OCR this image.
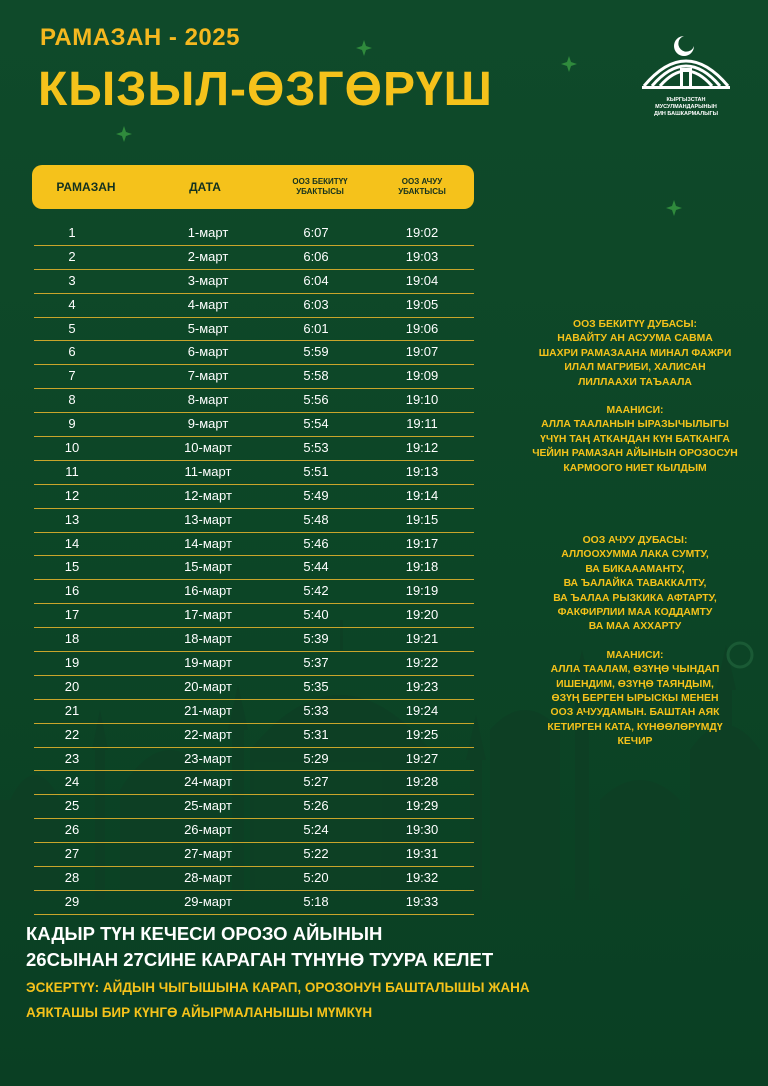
РАМАЗАН - 2025
КЫЗЫЛ-ӨЗГӨРҮШ	КЫРГЫЗСТАН МУСУЛМАНДАРЫНЫН
ДИН БАШКАРМАЛЫГЫ
РАМАЗАН	ДАТА	ООЗ БЕКИТҮҮ
УБАКТЫСЫ
ООЗ АЧУУ
УБАКТЫСЫ
1	1-март	6:07	19:02
2	2-март	6:06	19:03
3	3-март	6:04	19:04
4	4-март	6:03	19:05
5	5-март	6:01	19:06
6	6-март	5:59	19:07
7	7-март	5:58	19:09
8	8-март	5:56	19:10
9	9-март	5:54	19:11
10	10-март	5:53	19:12
11	11-март	5:51	19:13
12	12-март	5:49	19:14
13	13-март	5:48	19:15
14	14-март	5:46	19:17
15	15-март	5:44	19:18
16	16-март	5:42	19:19
17	17-март	5:40	19:20
18	18-март	5:39	19:21
19	19-март	5:37	19:22
20	20-март	5:35	19:23
21	21-март	5:33	19:24
22	22-март	5:31	19:25
23	23-март	5:29	19:27
24	24-март	5:27	19:28
25	25-март	5:26	19:29
26	26-март	5:24	19:30
27	27-март	5:22	19:31
28	28-март	5:20	19:32
29	29-март	5:18	19:33

ООЗ БЕКИТҮҮ ДУБАСЫ:

НАВАЙТУ АН АСУУМА САВМА

ШАХРИ РАМАЗААНА МИНАЛ ФАЖРИ

ИЛАЛ МАГРИБИ, ХАЛИСАН

ЛИЛЛААХИ ТАЪААЛА

МААНИСИ:

АЛЛА ТААЛАНЫН ЫРАЗЫЧЫЛЫГЫ

ҮЧҮН ТАҢ АТКАНДАН КҮН БАТКАНГА

ЧЕЙИН РАМАЗАН АЙЫНЫН ОРОЗОСУН

КАРМООГО НИЕТ КЫЛДЫМ

ООЗ АЧУУ ДУБАСЫ:

АЛЛООХУММА ЛАКА СУМТУ,

ВА БИКАААМАНТУ,

ВА ЪАЛАЙКА ТАВАККАЛТУ,

ВА ЪАЛАА РЫЗКИКА АФТАРТУ,

ФАКФИРЛИИ МАА КОДДАМТУ

ВА МАА АХХАРТУ

МААНИСИ:

АЛЛА ТААЛАМ, ӨЗҮҢӨ ЧЫНДАП

ИШЕНДИМ, ӨЗҮҢӨ ТАЯНДЫМ,

ӨЗҮҢ БЕРГЕН ЫРЫСКЫ МЕНЕН

ООЗ АЧУУДАМЫН. БАШТАН АЯК

КЕТИРГЕН КАТА, КҮНӨӨЛӨРҮМДҮ

КЕЧИР

КАДЫР ТҮН КЕЧЕСИ ОРОЗО АЙЫНЫН
26СЫНАН 27СИНЕ КАРАГАН ТҮНҮНӨ ТУУРА КЕЛЕТ
ЭСКЕРТҮҮ: АЙДЫН ЧЫГЫШЫНА КАРАП, ОРОЗОНУН БАШТАЛЫШЫ ЖАНА
АЯКТАШЫ БИР КҮНГӨ АЙЫРМАЛАНЫШЫ МҮМКҮН
